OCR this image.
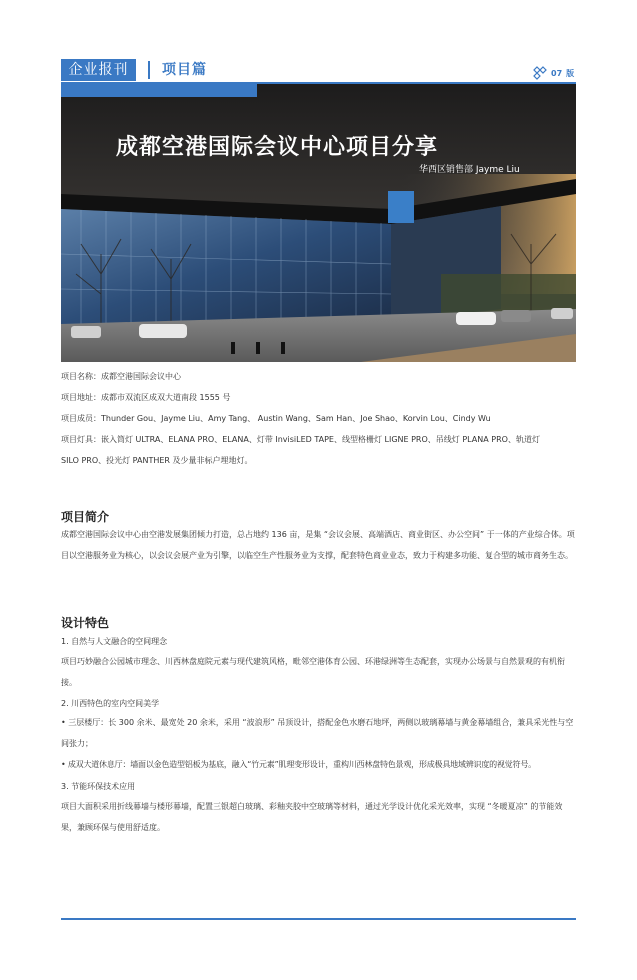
企业报刊	项目篇	07 版
成都空港国际会议中心项目分享
华西区销售部 Jayme Liu
项目名称：成都空港国际会议中心
项目地址：成都市双流区成双大道南段 1555 号
项目成员：Thunder Gou、Jayme Liu、Amy Tang、 Austin Wang、Sam Han、Joe Shao、Korvin Lou、Cindy Wu
项目灯具：嵌入筒灯 ULTRA、ELANA PRO、ELANA、灯带 InvisiLED TAPE、线型格栅灯 LIGNE PRO、吊线灯 PLANA PRO、轨道灯
SILO PRO、投光灯 PANTHER 及少量非标户埋地灯。
项目简介
成都空港国际会议中心由空港发展集团倾力打造，总占地约 136 亩，是集 “会议会展、高端酒店、商业街区、办公空间” 于一体的产业综合体。项目以空港服务业为核心，以会议会展产业为引擎，以临空生产性服务业为支撑，配套特色商业业态，致力于构建多功能、复合型的城市商务生态。
设计特色
1. 自然与人文融合的空间理念
项目巧妙融合公园城市理念、川西林盘庭院元素与现代建筑风格，毗邻空港体育公园、环港绿洲等生态配套，实现办公场景与自然景观的有机衔接。
2. 川西特色的室内空间美学
• 三层楼厅：长 300 余米、最宽处 20 余米，采用 “波浪形” 吊顶设计，搭配金色水磨石地坪，两侧以玻璃幕墙与黄金幕墙组合，兼具采光性与空间张力；
• 成双大道休息厅：墙面以金色造型铝板为基底，融入“竹元素”肌理变形设计，重构川西林盘特色景观，形成极具地域辨识度的视觉符号。
3. 节能环保技术应用
项目大面积采用折线幕墙与楼形幕墙，配置三银超白玻璃、彩釉夹胶中空玻璃等材料，通过光学设计优化采光效率，实现 “冬暖夏凉” 的节能效果，兼顾环保与使用舒适度。
